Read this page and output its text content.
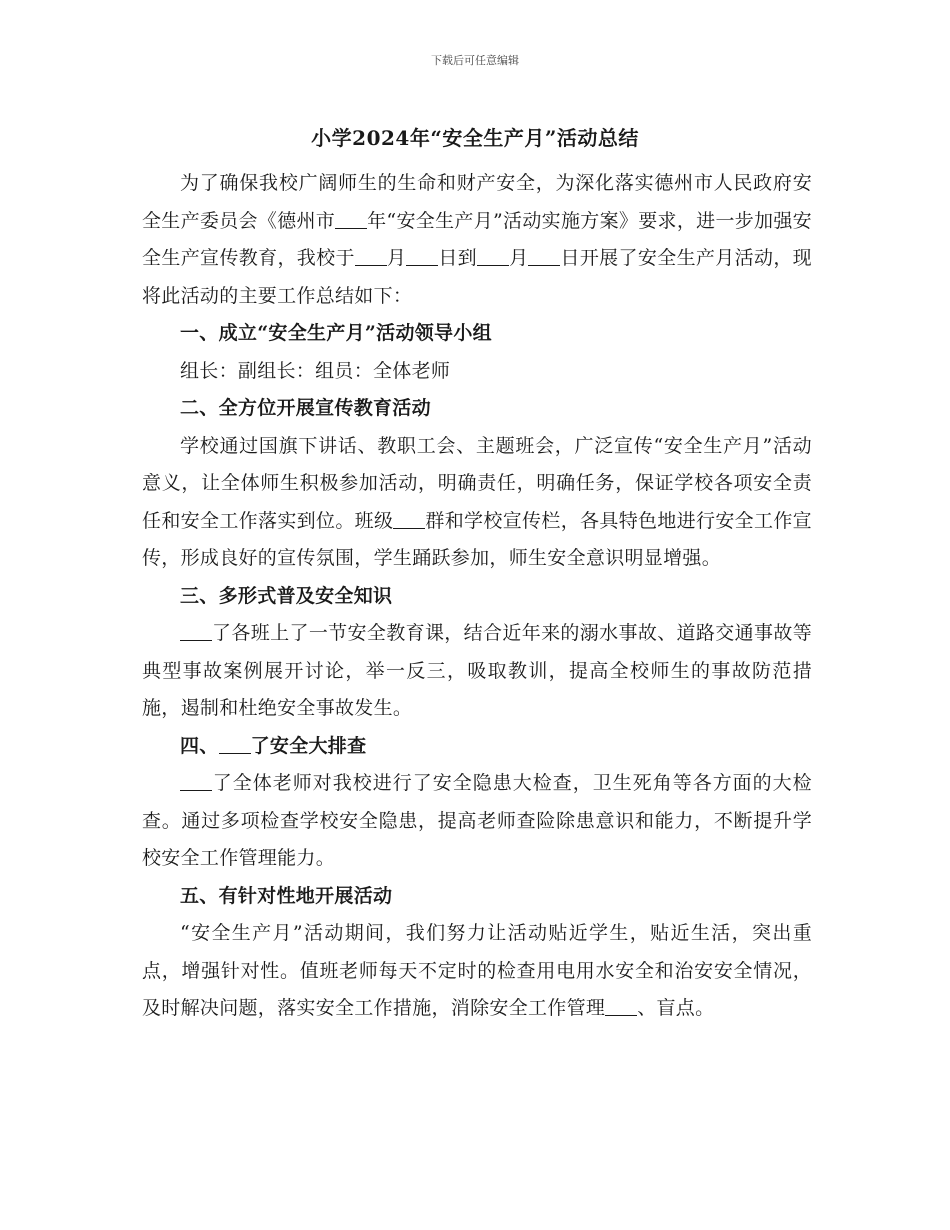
下载后可任意编辑
小学2024年“安全生产月”活动总结

为了确保我校广阔师生的生命和财产安全，为深化落实德州市人民政府安全生产委员会《德州市 年“安全生产月”活动实施方案》要求，进一步加强安全生产宣传教育，我校于 月 日到 月 日开展了安全生产月活动，现将此活动的主要工作总结如下：

一、成立“安全生产月”活动领导小组

组长：副组长：组员：全体老师

二、全方位开展宣传教育活动

学校通过国旗下讲话、教职工会、主题班会，广泛宣传“安全生产月”活动意义，让全体师生积极参加活动，明确责任，明确任务，保证学校各项安全责任和安全工作落实到位。班级 群和学校宣传栏，各具特色地进行安全工作宣传，形成良好的宣传氛围，学生踊跃参加，师生安全意识明显增强。

三、多形式普及安全知识

了各班上了一节安全教育课，结合近年来的溺水事故、道路交通事故等典型事故案例展开讨论，举一反三，吸取教训，提高全校师生的事故防范措施，遏制和杜绝安全事故发生。

四、 了安全大排查

了全体老师对我校进行了安全隐患大检查，卫生死角等各方面的大检查。通过多项检查学校安全隐患，提高老师查险除患意识和能力，不断提升学校安全工作管理能力。

五、有针对性地开展活动

“安全生产月”活动期间，我们努力让活动贴近学生，贴近生活，突出重点，增强针对性。值班老师每天不定时的检查用电用水安全和治安安全情况，及时解决问题，落实安全工作措施，消除安全工作管理 、盲点。
